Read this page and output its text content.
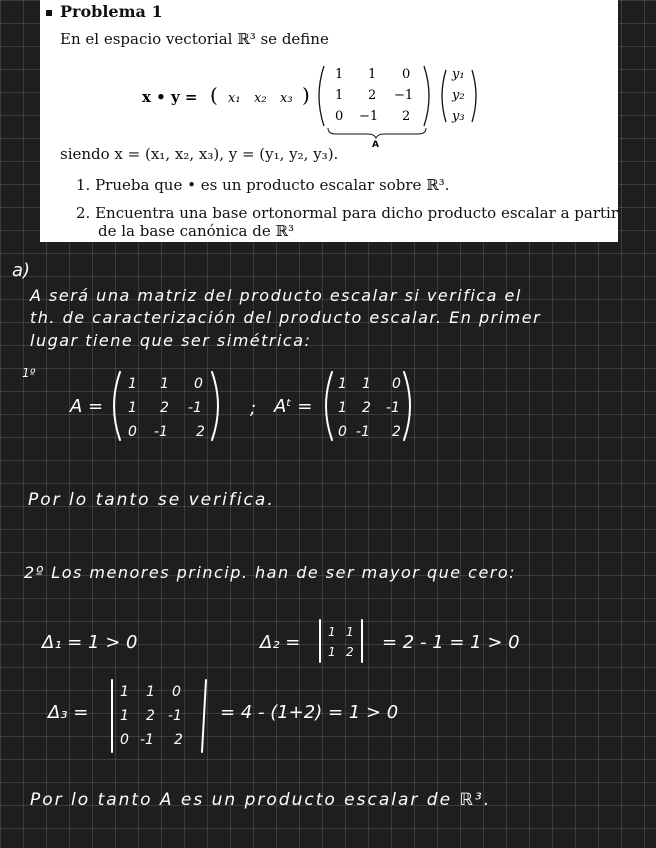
Problema 1
En el espacio vectorial ℝ³ se define
x • y = ( x₁ x₂ x₃ )
1 1 0
1 2 −1
0 −1 2
A
y₁
y₂
y₃
siendo x = (x₁, x₂, x₃), y = (y₁, y₂, y₃).
1. Prueba que • es un producto escalar sobre ℝ³.
2. Encuentra una base ortonormal para dicho producto escalar a partir
de la base canónica de ℝ³
a)
A será una matriz del producto escalar si verifica el
th. de caracterización del producto escalar. En primer
lugar tiene que ser simétrica:
1º
A =
1 1 0
1 2 -1
0 -1 2
; Aᵗ =
1 1 0
1 2 -1
0 -1 2
Por lo tanto se verifica.
2º Los menores princip. han de ser mayor que cero:
Δ₁ = 1 > 0	Δ₂ = 1 1
1 2 = 2 - 1 = 1 > 0
Δ₃ =
1 1 0
1 2 -1
0 -1 2
= 4 - (1+2) = 1 > 0
Por lo tanto A es un producto escalar de ℝ³.
